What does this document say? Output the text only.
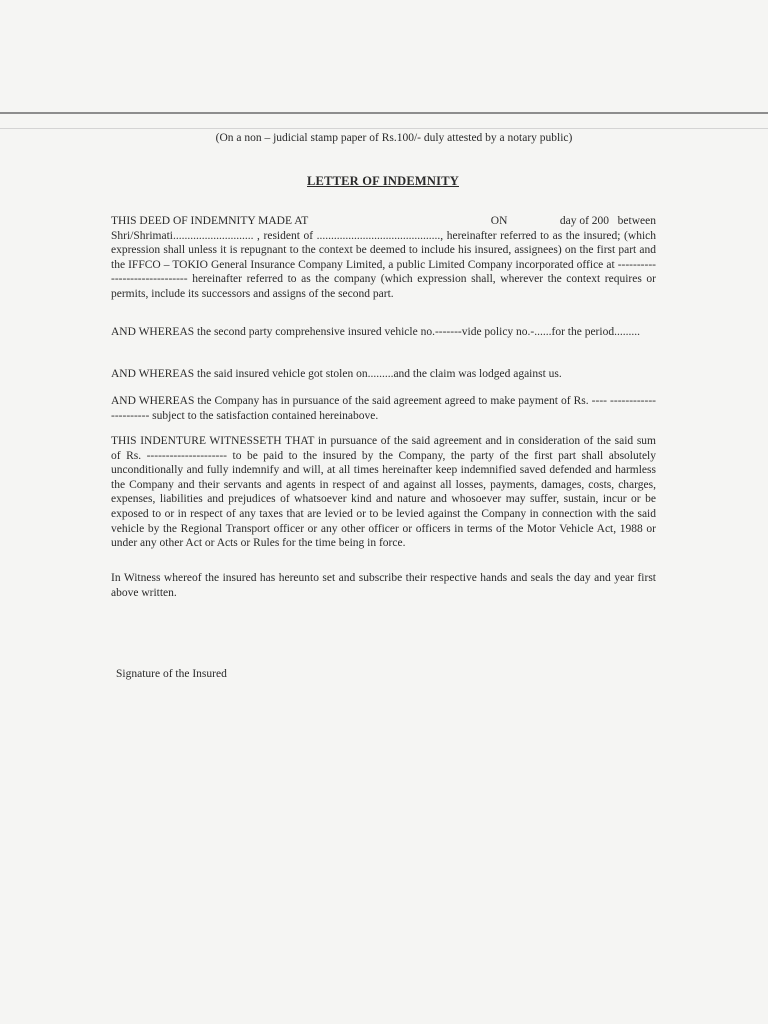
(On a non – judicial stamp paper of Rs.100/- duly attested by a notary public)
LETTER OF INDEMNITY
THIS DEED OF INDEMNITY MADE AT	ON	day of 200   between
Shri/Shrimati............................ , resident of ..........................................., hereinafter referred to as the insured; (which expression shall unless it is repugnant to the context be deemed to include his insured, assignees) on the first part and the IFFCO – TOKIO General Insurance Company Limited, a public Limited Company incorporated office at ------------------------------ hereinafter referred to as the company (which expression shall, wherever the context requires or permits, include its successors and assigns of the second part.
AND WHEREAS the second party comprehensive insured vehicle no.-------vide policy no.-......for the period.........
AND WHEREAS the said insured vehicle got stolen on.........and the claim was lodged against us.
AND WHEREAS the Company has in pursuance of the said agreement agreed to make payment of Rs. ---- ---------------------- subject to the satisfaction contained hereinabove.
THIS INDENTURE WITNESSETH THAT in pursuance of the said agreement and in consideration of the said sum of Rs. --------------------- to be paid to the insured by the Company, the party of the first part shall absolutely unconditionally and fully indemnify and will, at all times hereinafter keep indemnified saved defended and harmless the Company and their servants and agents in respect of and against all losses, payments, damages, costs, charges, expenses, liabilities and prejudices of whatsoever kind and nature and whosoever may suffer, sustain, incur or be exposed to or in respect of any taxes that are levied or to be levied against the Company in connection with the said vehicle by the Regional Transport officer or any other officer or officers in terms of the Motor Vehicle Act, 1988 or under any other Act or Acts or Rules for the time being in force.
In Witness whereof the insured has hereunto set and subscribe their respective hands and seals the day and year first above written.
Signature of the Insured
